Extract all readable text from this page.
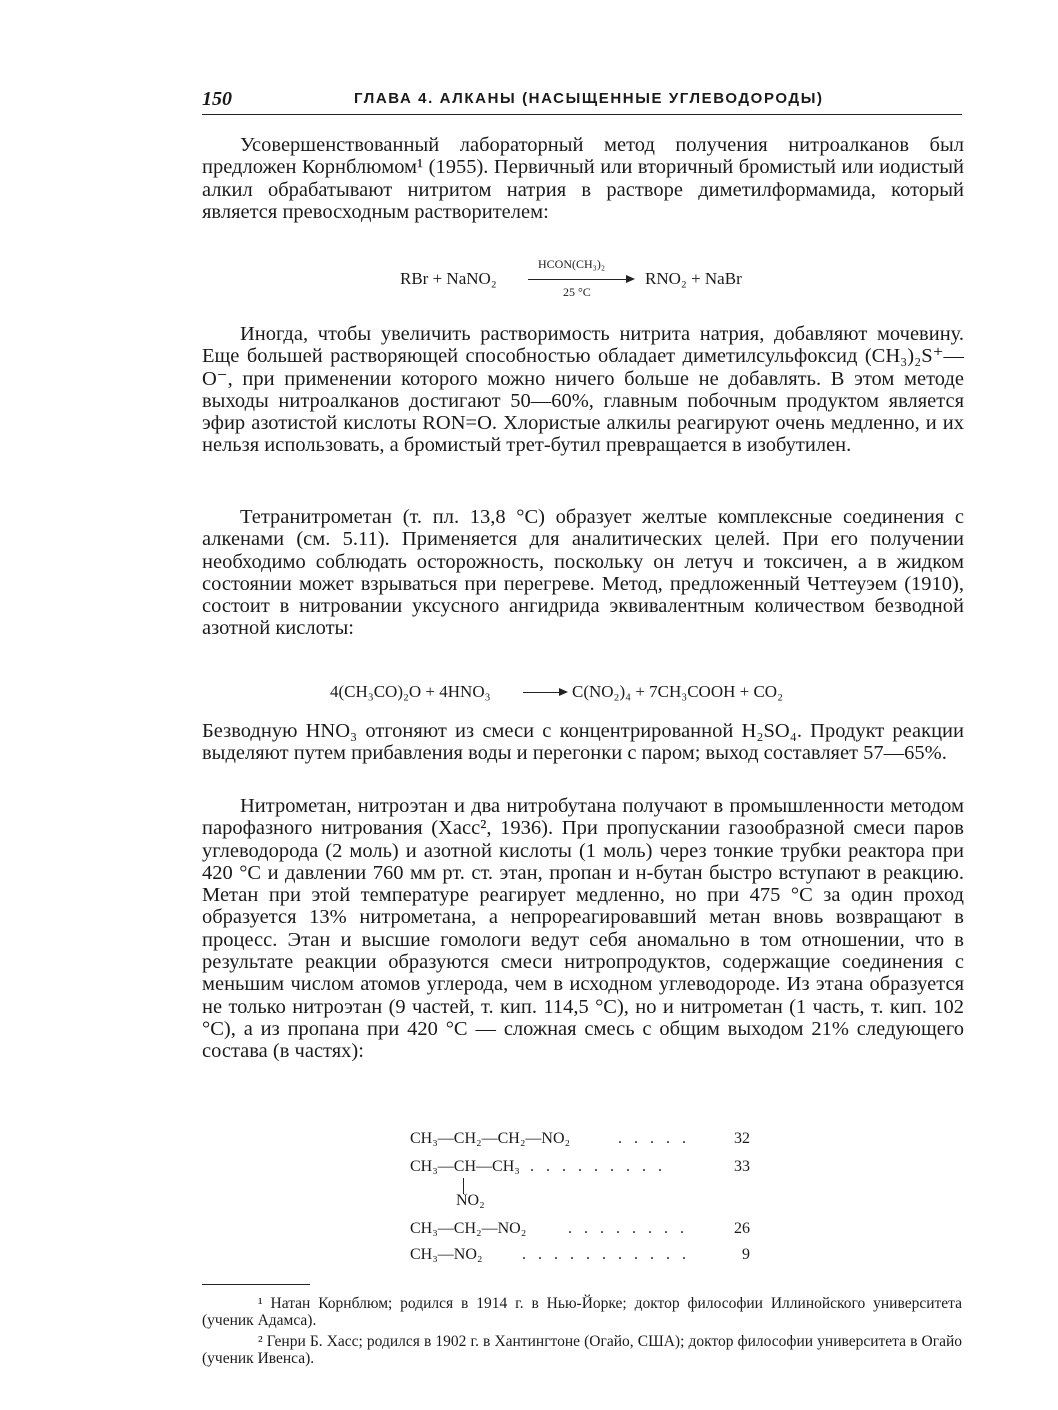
150	ГЛАВА 4. АЛКАНЫ (НАСЫЩЕННЫЕ УГЛЕВОДОРОДЫ)

Усовершенствованный лабораторный метод получения нитроалканов был предложен Корнблюмом¹ (1955). Первичный или вторичный бромистый или иодистый алкил обрабатывают нитритом натрия в растворе диметилформамида, который является превосходным растворителем:

RBr + NaNO₂
HCON(CH₃)₂
25 °C
RNO₂ + NaBr

Иногда, чтобы увеличить растворимость нитрита натрия, добавляют мочевину. Еще большей растворяющей способностью обладает диметилсульфоксид (CH₃)₂S⁺—O⁻, при применении которого можно ничего больше не добавлять. В этом методе выходы нитроалканов достигают 50—60%, главным побочным продуктом является эфир азотистой кислоты RON=O. Хлористые алкилы реагируют очень медленно, и их нельзя использовать, а бромистый трет-бутил превращается в изобутилен.

Тетранитрометан (т. пл. 13,8 °C) образует желтые комплексные соединения с алкенами (см. 5.11). Применяется для аналитических целей. При его получении необходимо соблюдать осторожность, поскольку он летуч и токсичен, а в жидком состоянии может взрываться при перегреве. Метод, предложенный Четтеуэем (1910), состоит в нитровании уксусного ангидрида эквивалентным количеством безводной азотной кислоты:

4(CH₃CO)₂O + 4HNO₃	C(NO₂)₄ + 7CH₃COOH + CO₂

Безводную HNO₃ отгоняют из смеси с концентрированной H₂SO₄. Продукт реакции выделяют путем прибавления воды и перегонки с паром; выход составляет 57—65%.

Нитрометан, нитроэтан и два нитробутана получают в промышленности методом парофазного нитрования (Хасс², 1936). При пропускании газообразной смеси паров углеводорода (2 моль) и азотной кислоты (1 моль) через тонкие трубки реактора при 420 °C и давлении 760 мм рт. ст. этан, пропан и н-бутан быстро вступают в реакцию. Метан при этой температуре реагирует медленно, но при 475 °C за один проход образуется 13% нитрометана, а непрореагировавший метан вновь возвращают в процесс. Этан и высшие гомологи ведут себя аномально в том отношении, что в результате реакции образуются смеси нитропродуктов, содержащие соединения с меньшим числом атомов углерода, чем в исходном углеводороде. Из этана образуется не только нитроэтан (9 частей, т. кип. 114,5 °C), но и нитрометан (1 часть, т. кип. 102 °C), а из пропана при 420 °C — сложная смесь с общим выходом 21% следующего состава (в частях):

CH₃—CH₂—CH₂—NO₂	. . . . .	32
CH₃—CH—CH₃ . . . . . . . . .	33
NO₂
CH₃—CH₂—NO₂	. . . . . . . .	26
CH₃—NO₂ . . . . . . . . . . .	9

¹ Натан Корнблюм; родился в 1914 г. в Нью-Йорке; доктор философии Иллинойского университета (ученик Адамса).

² Генри Б. Хасс; родился в 1902 г. в Хантингтоне (Огайо, США); доктор философии университета в Огайо (ученик Ивенса).
